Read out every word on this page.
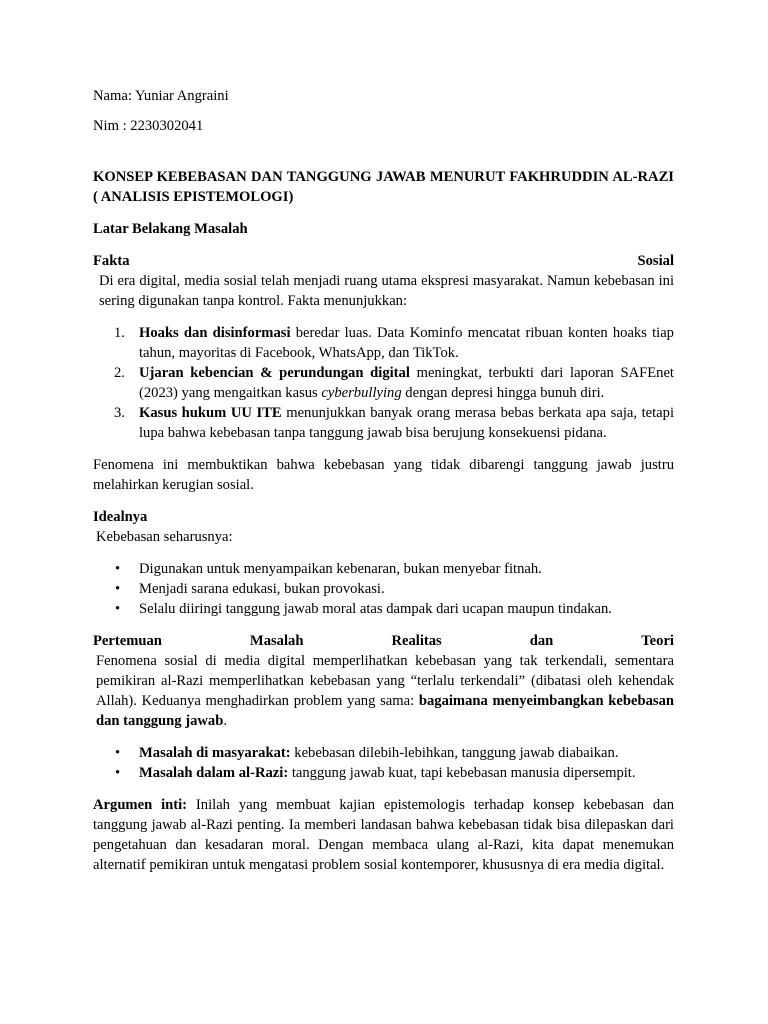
Nama: Yuniar Angraini

Nim : 2230302041

KONSEP KEBEBASAN DAN TANGGUNG JAWAB MENURUT FAKHRUDDIN AL-RAZI ( ANALISIS EPISTEMOLOGI)

Latar Belakang Masalah

Fakta	Sosial

Di era digital, media sosial telah menjadi ruang utama ekspresi masyarakat. Namun kebebasan ini sering digunakan tanpa kontrol. Fakta menunjukkan:

1. Hoaks dan disinformasi beredar luas. Data Kominfo mencatat ribuan konten hoaks tiap tahun, mayoritas di Facebook, WhatsApp, dan TikTok.
2. Ujaran kebencian & perundungan digital meningkat, terbukti dari laporan SAFEnet (2023) yang mengaitkan kasus cyberbullying dengan depresi hingga bunuh diri.
3. Kasus hukum UU ITE menunjukkan banyak orang merasa bebas berkata apa saja, tetapi lupa bahwa kebebasan tanpa tanggung jawab bisa berujung konsekuensi pidana.

Fenomena ini membuktikan bahwa kebebasan yang tidak dibarengi tanggung jawab justru melahirkan kerugian sosial.

Idealnya

Kebebasan seharusnya:

• Digunakan untuk menyampaikan kebenaran, bukan menyebar fitnah.
• Menjadi sarana edukasi, bukan provokasi.
• Selalu diiringi tanggung jawab moral atas dampak dari ucapan maupun tindakan.
Pertemuan	Masalah	Realitas	dan	Teori

Fenomena sosial di media digital memperlihatkan kebebasan yang tak terkendali, sementara pemikiran al-Razi memperlihatkan kebebasan yang “terlalu terkendali” (dibatasi oleh kehendak Allah). Keduanya menghadirkan problem yang sama: bagaimana menyeimbangkan kebebasan dan tanggung jawab.

• Masalah di masyarakat: kebebasan dilebih-lebihkan, tanggung jawab diabaikan.
• Masalah dalam al-Razi: tanggung jawab kuat, tapi kebebasan manusia dipersempit.

Argumen inti: Inilah yang membuat kajian epistemologis terhadap konsep kebebasan dan tanggung jawab al-Razi penting. Ia memberi landasan bahwa kebebasan tidak bisa dilepaskan dari pengetahuan dan kesadaran moral. Dengan membaca ulang al-Razi, kita dapat menemukan alternatif pemikiran untuk mengatasi problem sosial kontemporer, khususnya di era media digital.
